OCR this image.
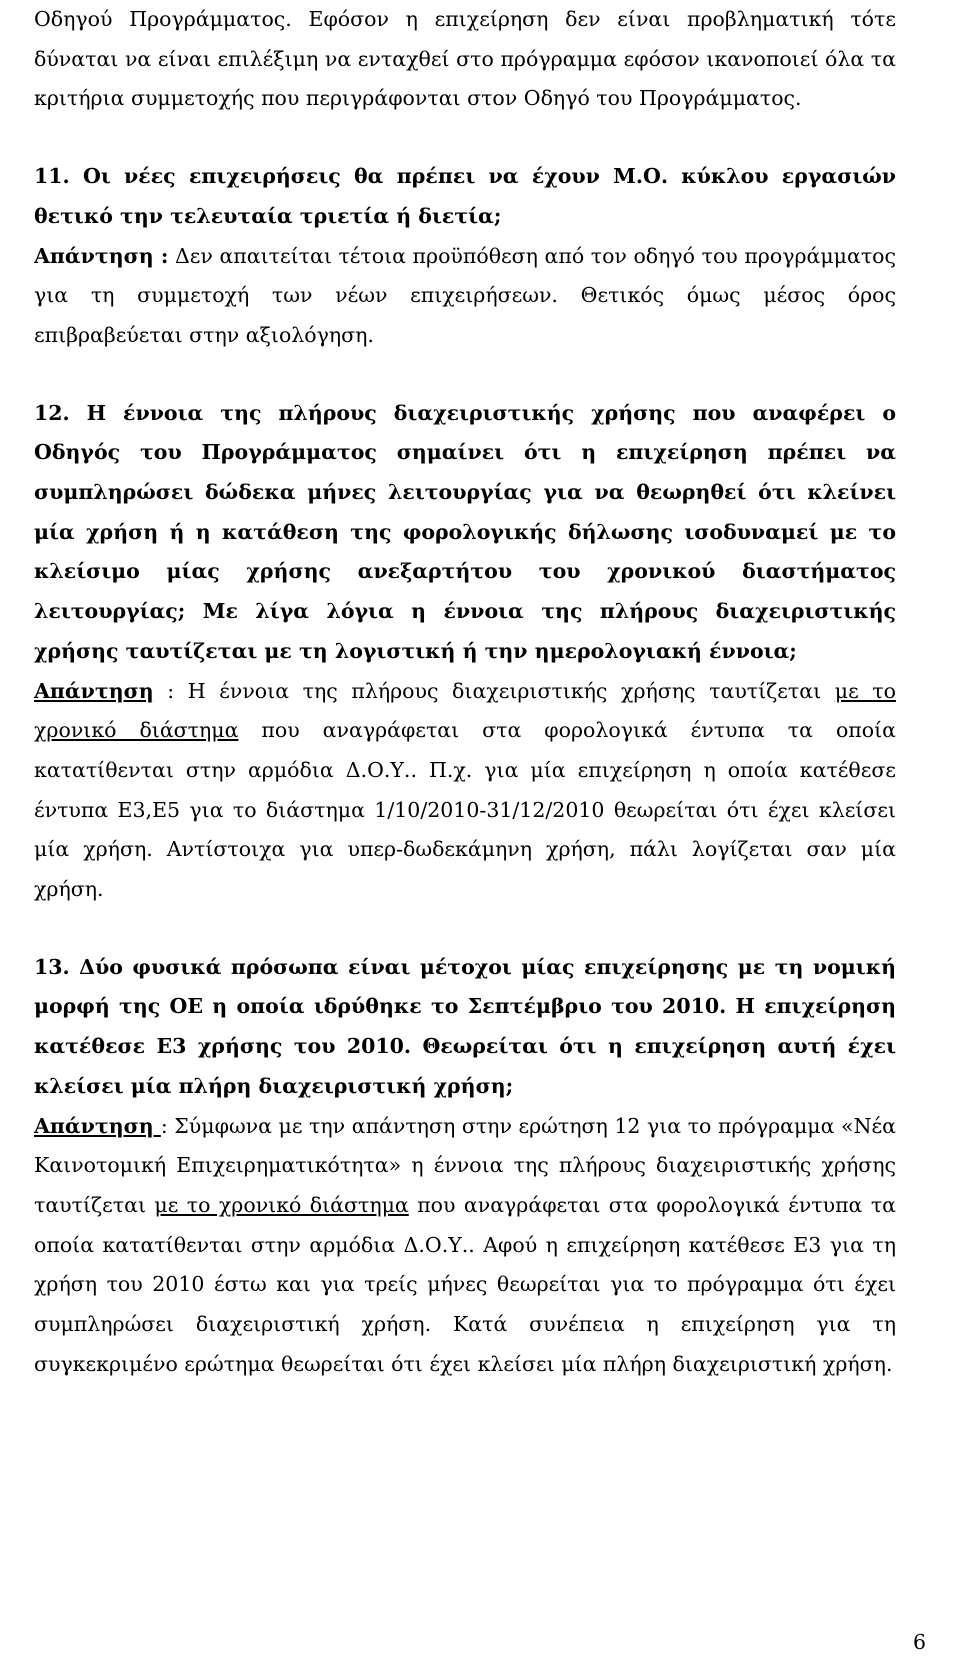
Οδηγού Προγράμματος. Εφόσον η επιχείρηση δεν είναι προβληματική τότε δύναται να είναι επιλέξιμη να ενταχθεί στο πρόγραμμα εφόσον ικανοποιεί όλα τα κριτήρια συμμετοχής που περιγράφονται στον Οδηγό του Προγράμματος.

11. Οι νέες επιχειρήσεις θα πρέπει να έχουν Μ.Ο. κύκλου εργασιών θετικό την τελευταία τριετία ή διετία;

Απάντηση : Δεν απαιτείται τέτοια προϋπόθεση από τον οδηγό του προγράμματος για τη συμμετοχή των νέων επιχειρήσεων. Θετικός όμως μέσος όρος επιβραβεύεται στην αξιολόγηση.

12. Η έννοια της πλήρους διαχειριστικής χρήσης που αναφέρει ο Οδηγός του Προγράμματος σημαίνει ότι η επιχείρηση πρέπει να συμπληρώσει δώδεκα μήνες λειτουργίας για να θεωρηθεί ότι κλείνει μία χρήση ή η κατάθεση της φορολογικής δήλωσης ισοδυναμεί με το κλείσιμο μίας χρήσης ανεξαρτήτου του χρονικού διαστήματος λειτουργίας; Με λίγα λόγια η έννοια της πλήρους διαχειριστικής χρήσης ταυτίζεται με τη λογιστική ή την ημερολογιακή έννοια;

Απάντηση : Η έννοια της πλήρους διαχειριστικής χρήσης ταυτίζεται με το χρονικό διάστημα που αναγράφεται στα φορολογικά έντυπα τα οποία κατατίθενται στην αρμόδια Δ.Ο.Υ.. Π.χ. για μία επιχείρηση η οποία κατέθεσε έντυπα Ε3,Ε5 για το διάστημα 1/10/2010-31/12/2010 θεωρείται ότι έχει κλείσει μία χρήση. Αντίστοιχα για υπερ-δωδεκάμηνη χρήση, πάλι λογίζεται σαν μία χρήση.

13. Δύο φυσικά πρόσωπα είναι μέτοχοι μίας επιχείρησης με τη νομική μορφή της ΟΕ η οποία ιδρύθηκε το Σεπτέμβριο του 2010. Η επιχείρηση κατέθεσε Ε3 χρήσης του 2010. Θεωρείται ότι η επιχείρηση αυτή έχει κλείσει μία πλήρη διαχειριστική χρήση;

Απάντηση : Σύμφωνα με την απάντηση στην ερώτηση 12 για το πρόγραμμα «Νέα Καινοτομική Επιχειρηματικότητα» η έννοια της πλήρους διαχειριστικής χρήσης ταυτίζεται με το χρονικό διάστημα που αναγράφεται στα φορολογικά έντυπα τα οποία κατατίθενται στην αρμόδια Δ.Ο.Υ.. Αφού η επιχείρηση κατέθεσε Ε3 για τη χρήση του 2010 έστω και για τρείς μήνες θεωρείται για το πρόγραμμα ότι έχει συμπληρώσει διαχειριστική χρήση. Κατά συνέπεια η επιχείρηση για τη συγκεκριμένο ερώτημα θεωρείται ότι έχει κλείσει μία πλήρη διαχειριστική χρήση.

6
